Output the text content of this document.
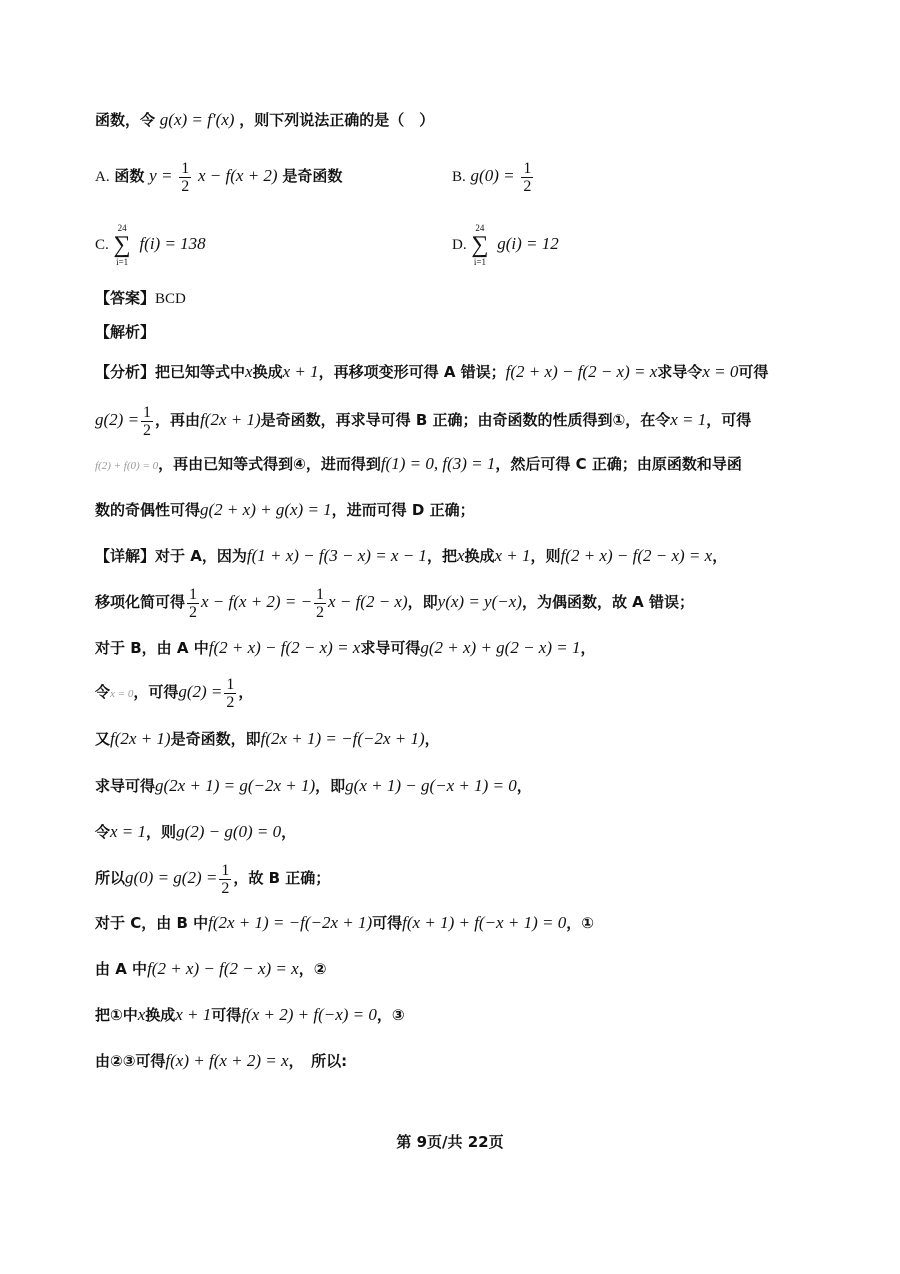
函数，令 g(x) = f′(x) ，则下列说法正确的是（　）
A. 函数 $y = \frac{1}{2}$ x − f(x + 2) 是奇函数	B. $g(0) = \frac{1}{2}$
C.
24
∑
i=1
f(i) = 138	D.
24
∑
i=1
g(i) = 12
【答案】BCD
【解析】
【分析】把已知等式中x换成x + 1，再移项变形可得 A 错误；f(2 + x) − f(2 − x) = x求导令x = 0可得
$g(2) = \frac{1}{2}$ ，再由f(2x + 1)是奇函数，再求导可得 B 正确；由奇函数的性质得到①，在令x = 1，可得
f(2) + f(0) = 0，再由已知等式得到④，进而得到f(1) = 0, f(3) = 1，然后可得 C 正确；由原函数和导函
数的奇偶性可得g(2 + x) + g(x) = 1，进而可得 D 正确；
【详解】对于 A，因为f(1 + x) − f(3 − x) = x − 1，把x换成x + 1，则f(2 + x) − f(2 − x) = x，
移项化简可得 $\frac{1}{2}$ x − f(x + 2) = − $\frac{1}{2}$ x − f(2 − x)，即y(x) = y(−x)，为偶函数，故 A 错误；
对于 B，由 A 中f(2 + x) − f(2 − x) = x求导可得g(2 + x) + g(2 − x) = 1，
令x = 0，可得$g(2) = \frac{1}{2}$ ，
又f(2x + 1)是奇函数，即f(2x + 1) = −f(−2x + 1)，
求导可得g(2x + 1) = g(−2x + 1)，即g(x + 1) − g(−x + 1) = 0，
令x = 1，则g(2) − g(0) = 0，
所以$g(0) = g(2) = \frac{1}{2}$ ，故 B 正确；
对于 C，由 B 中f(2x + 1) = −f(−2x + 1)可得f(x + 1) + f(−x + 1) = 0，①
由 A 中f(2 + x) − f(2 − x) = x，②
把①中x换成x + 1可得f(x + 2) + f(−x) = 0，③
由②③可得f(x) + f(x + 2) = x，　所以:
第 9页/共 22页
